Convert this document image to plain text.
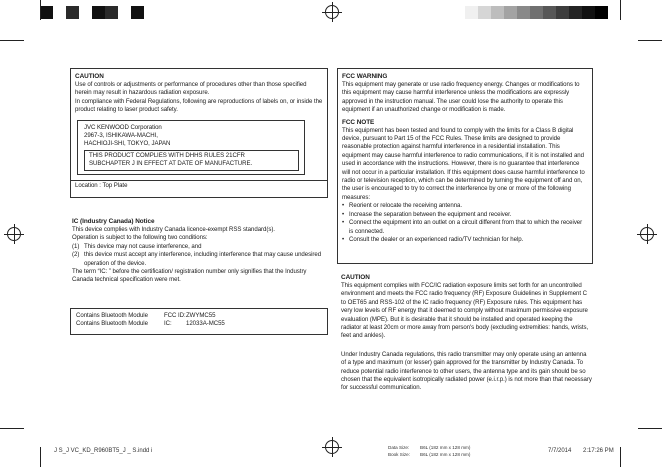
CAUTION
Use of controls or adjustments or performance of procedures other than those specified herein may result in hazardous radiation exposure.
In compliance with Federal Regulations, following are reproductions of labels on, or inside the product relating to laser product safety.
JVC KENWOOD Corporation
2967-3, ISHIKAWA-MACHI,
HACHIOJI-SHI, TOKYO, JAPAN
THIS PRODUCT COMPLIES WITH DHHS RULES 21CFR
SUBCHAPTER J IN EFFECT AT DATE OF MANUFACTURE.
Location : Top Plate
IC (Industry Canada) Notice
This device complies with Industry Canada licence-exempt RSS standard(s).
Operation is subject to the following two conditions:
(1) This device may not cause interference, and
(2) this device must accept any interference, including interference that may cause undesired operation of the device.
The term “IC: ” before the certification/ registration number only signifies that the Industry Canada technical specification were met.
Contains Bluetooth Module	FCC ID: ZWYMC55
Contains Bluetooth Module	IC:	12033A-MC55
FCC WARNING
This equipment may generate or use radio frequency energy. Changes or modifications to this equipment may cause harmful interference unless the modifications are expressly approved in the instruction manual. The user could lose the authority to operate this equipment if an unauthorized change or modification is made.
FCC NOTE
This equipment has been tested and found to comply with the limits for a Class B digital device, pursuant to Part 15 of the FCC Rules. These limits are designed to provide reasonable protection against harmful interference in a residential installation. This equipment may cause harmful interference to radio communications, if it is not installed and used in accordance with the instructions. However, there is no guarantee that interference will not occur in a particular installation. If this equipment does cause harmful interference to radio or television reception, which can be determined by turning the equipment off and on, the user is encouraged to try to correct the interference by one or more of the following measures:
• Reorient or relocate the receiving antenna.
• Increase the separation between the equipment and receiver.
• Connect the equipment into an outlet on a circuit different from that to which the receiver is connected.
• Consult the dealer or an experienced radio/TV technician for help.
CAUTION
This equipment complies with FCC/IC radiation exposure limits set forth for an uncontrolled environment and meets the FCC radio frequency (RF) Exposure Guidelines in Supplement C to OET65 and RSS-102 of the IC radio frequency (RF) Exposure rules. This equipment has very low levels of RF energy that it deemed to comply without maximum permissive exposure evaluation (MPE). But it is desirable that it should be installed and operated keeping the radiator at least 20cm or more away from person's body (excluding extremities: hands, wrists, feet and ankles).
Under Industry Canada regulations, this radio transmitter may only operate using an antenna of a type and maximum (or lesser) gain approved for the transmitter by Industry Canada. To reduce potential radio interference to other users, the antenna type and its gain should be so chosen that the equivalent isotropically radiated power (e.i.r.p.) is not more than that necessary for successful communication.
J S_J VC_KD_R960BT5_J _ S.indd i
Data Size: B6L (182 mm x 128 mm)
Book Size: B6L (182 mm x 128 mm)
7/7/2014 2:17:26 PM
